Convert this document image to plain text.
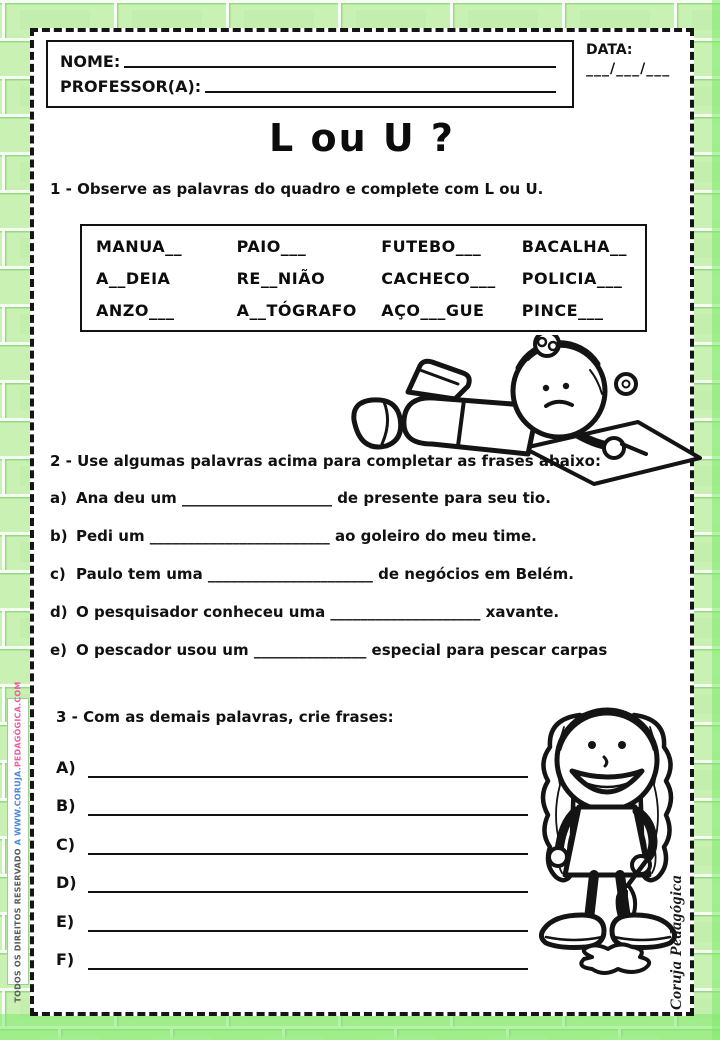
NOME:
PROFESSOR(A):
DATA:
___/___/___
L ou U ?

1 - Observe as palavras do quadro e complete com L ou U.

MANUA__	PAIO___	FUTEBO___	BACALHA__
A__DEIA	RE__NIÃO	CACHECO___	POLICIA___
ANZO___	A__TÓGRAFO	AÇO___GUE	PINCE___

2 - Use algumas palavras acima para completar as frases abaixo:

a) Ana deu um ____________________ de presente para seu tio.
b) Pedi um ________________________ ao goleiro do meu time.
c) Paulo tem uma ______________________ de negócios em Belém.
d) O pesquisador conheceu uma ____________________ xavante.
e) O pescador usou um _______________ especial para pescar carpas

3 - Com as demais palavras, crie frases:

A)
B)
C)
D)
E)
F)
TODOS OS DIREITOS RESERVADO A WWW.CORUJA.PEDAGÓGICA.COM
Coruja Pedagógica
